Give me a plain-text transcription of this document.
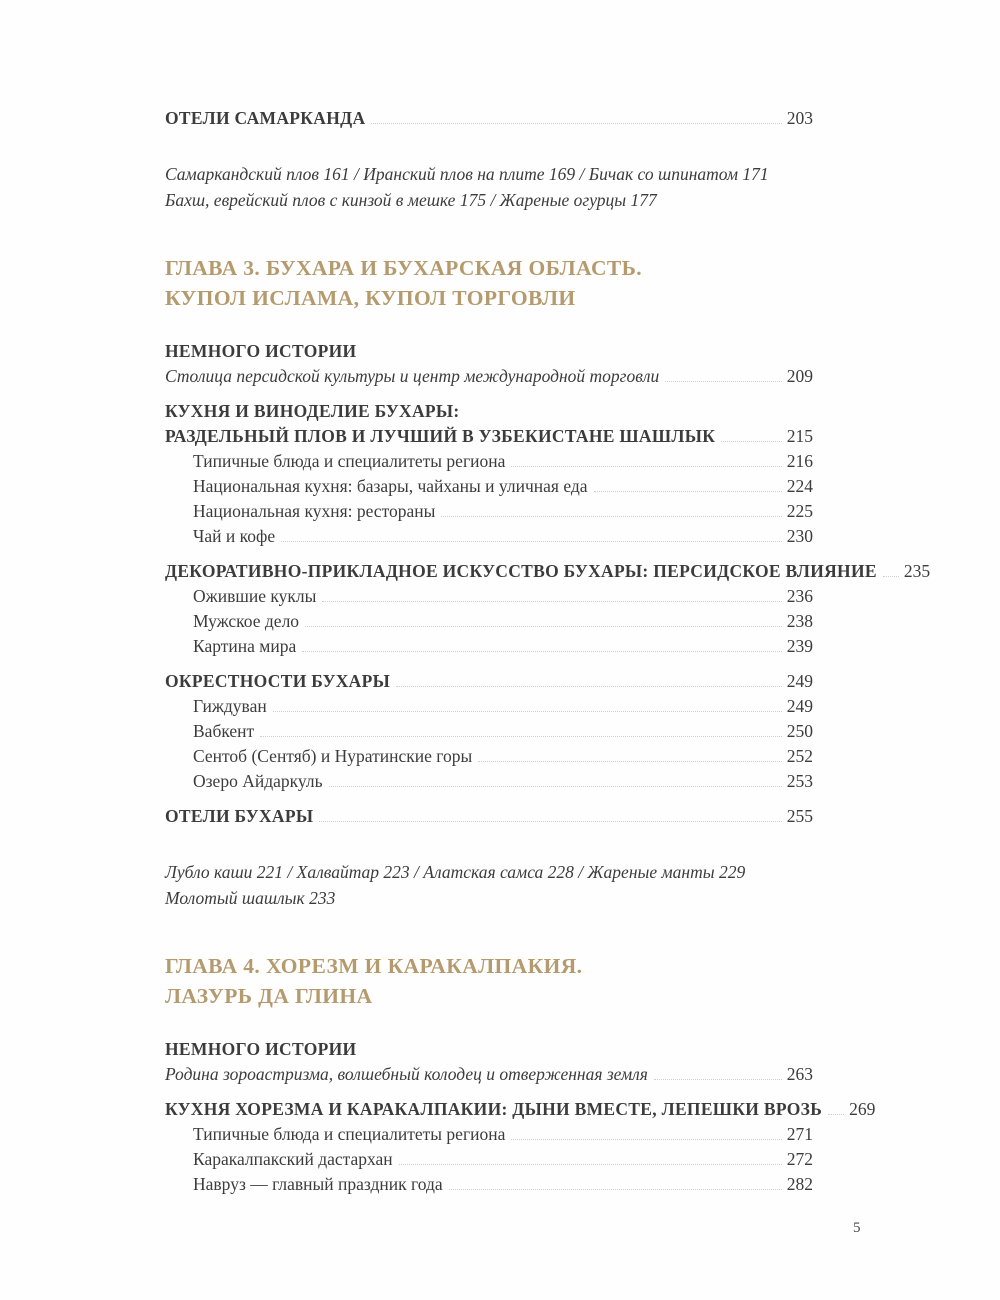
ОТЕЛИ САМАРКАНДА	203
Самаркандский плов 161 / Иранский плов на плите 169 / Бичак со шпинатом 171
Бахш, еврейский плов с кинзой в мешке 175 / Жареные огурцы 177
ГЛАВА 3. БУХАРА И БУХАРСКАЯ ОБЛАСТЬ.
КУПОЛ ИСЛАМА, КУПОЛ ТОРГОВЛИ
НЕМНОГО ИСТОРИИ
Столица персидской культуры и центр международной торговли	209
КУХНЯ И ВИНОДЕЛИЕ БУХАРЫ:
РАЗДЕЛЬНЫЙ ПЛОВ И ЛУЧШИЙ В УЗБЕКИСТАНЕ ШАШЛЫК	215
Типичные блюда и специалитеты региона	216
Национальная кухня: базары, чайханы и уличная еда	224
Национальная кухня: рестораны	225
Чай и кофе	230
ДЕКОРАТИВНО-ПРИКЛАДНОЕ ИСКУССТВО БУХАРЫ: ПЕРСИДСКОЕ ВЛИЯНИЕ 235
Ожившие куклы	236
Мужское дело	238
Картина мира	239
ОКРЕСТНОСТИ БУХАРЫ	249
Гиждуван	249
Вабкент	250
Сентоб (Сентяб) и Нуратинские горы	252
Озеро Айдаркуль	253
ОТЕЛИ БУХАРЫ	255
Лубло каши 221 / Халвайтар 223 / Алатская самса 228 / Жареные манты 229
Молотый шашлык 233
ГЛАВА 4. ХОРЕЗМ И КАРАКАЛПАКИЯ.
ЛАЗУРЬ ДА ГЛИНА
НЕМНОГО ИСТОРИИ
Родина зороастризма, волшебный колодец и отверженная земля	263
КУХНЯ ХОРЕЗМА И КАРАКАЛПАКИИ: ДЫНИ ВМЕСТЕ, ЛЕПЕШКИ ВРОЗЬ 269
Типичные блюда и специалитеты региона	271
Каракалпакский дастархан	272
Навруз — главный праздник года	282
5
